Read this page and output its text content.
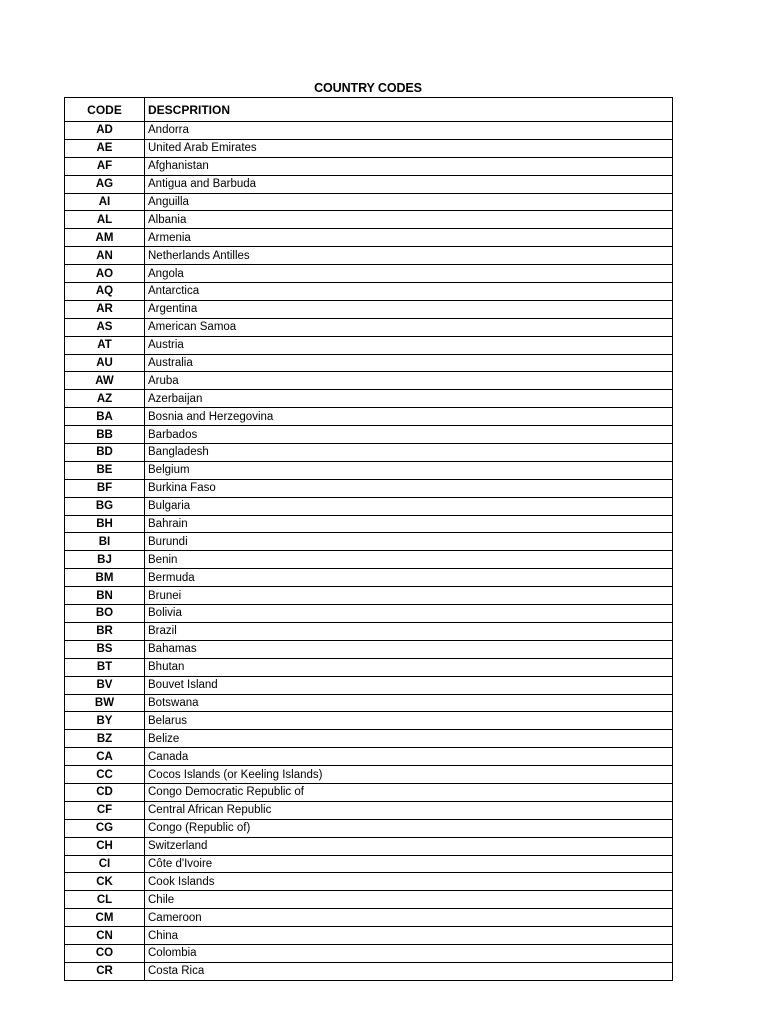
COUNTRY CODES
CODE	DESCPRITION
AD	Andorra
AE	United Arab Emirates
AF	Afghanistan
AG	Antigua and Barbuda
AI	Anguilla
AL	Albania
AM	Armenia
AN	Netherlands Antilles
AO	Angola
AQ	Antarctica
AR	Argentina
AS	American Samoa
AT	Austria
AU	Australia
AW	Aruba
AZ	Azerbaijan
BA	Bosnia and Herzegovina
BB	Barbados
BD	Bangladesh
BE	Belgium
BF	Burkina Faso
BG	Bulgaria
BH	Bahrain
BI	Burundi
BJ	Benin
BM	Bermuda
BN	Brunei
BO	Bolivia
BR	Brazil
BS	Bahamas
BT	Bhutan
BV	Bouvet Island
BW	Botswana
BY	Belarus
BZ	Belize
CA	Canada
CC	Cocos Islands (or Keeling Islands)
CD	Congo Democratic Republic of
CF	Central African Republic
CG	Congo (Republic of)
CH	Switzerland
CI	Côte d'Ivoire
CK	Cook Islands
CL	Chile
CM	Cameroon
CN	China
CO	Colombia
CR	Costa Rica
